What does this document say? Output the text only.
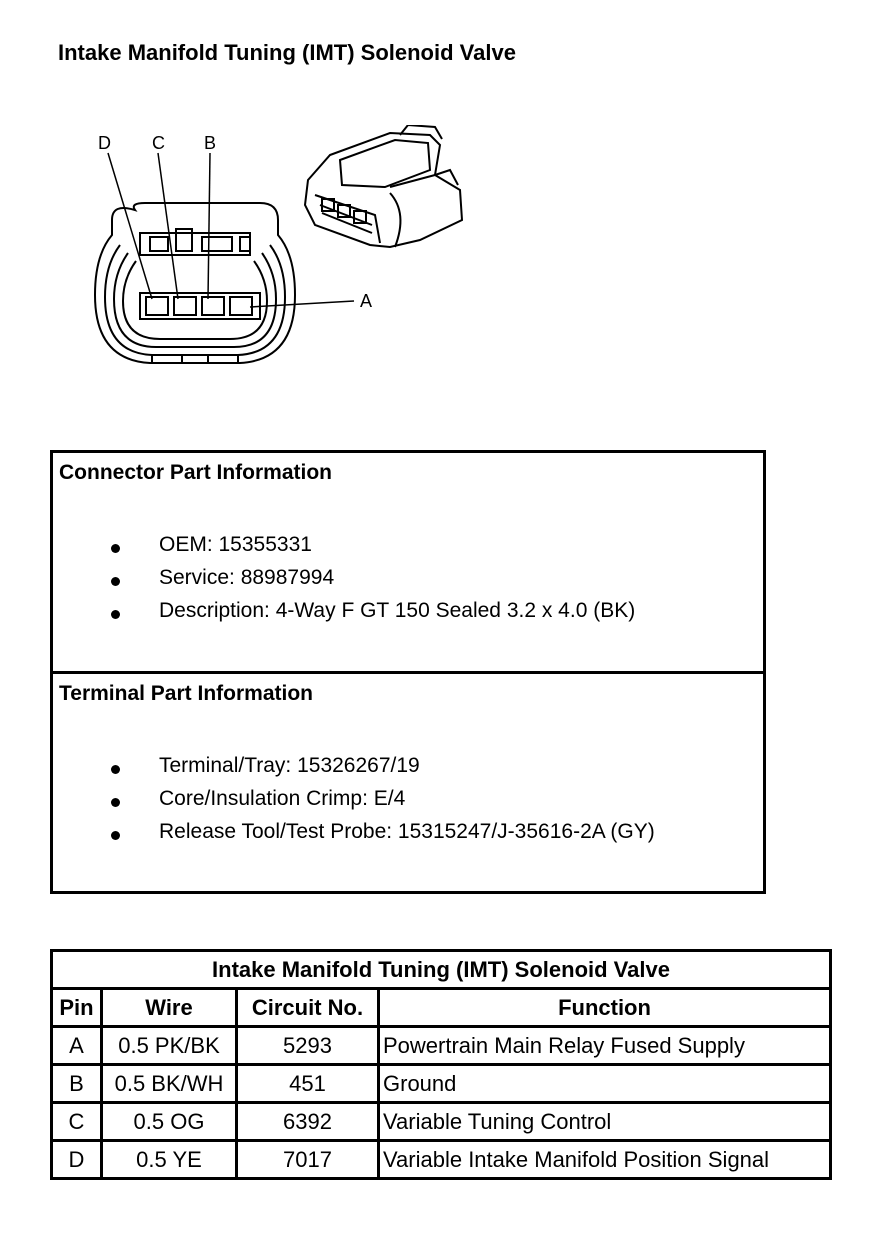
Intake Manifold Tuning (IMT) Solenoid Valve
D C B
A
Connector Part Information
OEM: 15355331
Service: 88987994
Description: 4-Way F GT 150 Sealed 3.2 x 4.0 (BK)
Terminal Part Information
Terminal/Tray: 15326267/19
Core/Insulation Crimp: E/4
Release Tool/Test Probe: 15315247/J-35616-2A (GY)
Intake Manifold Tuning (IMT) Solenoid Valve			
Pin	Wire	Circuit No.	Function
A	0.5 PK/BK	5293	Powertrain Main Relay Fused Supply
B	0.5 BK/WH	451	Ground
C	0.5 OG	6392	Variable Tuning Control
D	0.5 YE	7017	Variable Intake Manifold Position Signal
